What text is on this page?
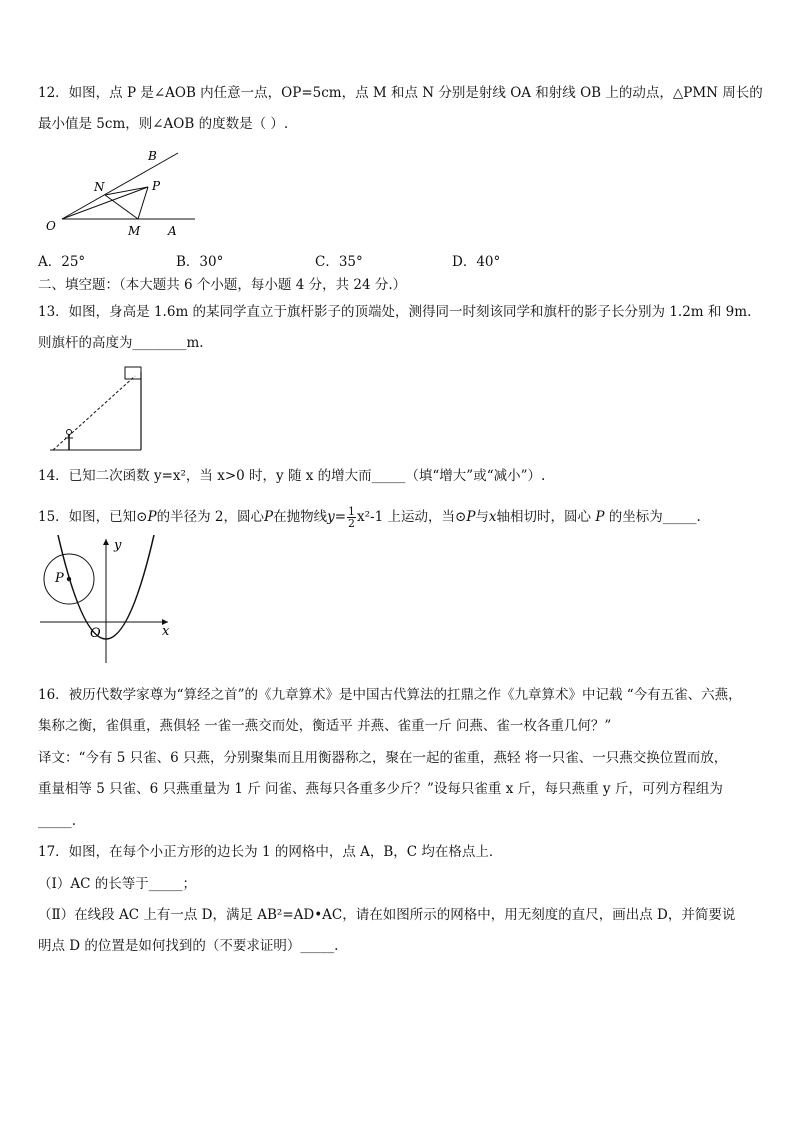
12．如图，点 P 是∠AOB 内任意一点，OP=5cm，点 M 和点 N 分别是射线 OA 和射线 OB 上的动点，△PMN 周长的
最小值是 5cm，则∠AOB 的度数是（ ）.
B
N	P
O	M A
A．25°	B．30°	C．35°	D．40°
二、填空题：（本大题共 6 个小题，每小题 4 分，共 24 分.）
13．如图，身高是 1.6m 的某同学直立于旗杆影子的顶端处，测得同一时刻该同学和旗杆的影子长分别为 1.2m 和 9m.
则旗杆的高度为________m.
14．已知二次函数 y=x²，当 x>0 时，y 随 x 的增大而_____（填“增大”或“减小”）.
15．如图，已知⊙P的半径为 2，圆心P在抛物线$y= \frac{1}{2} x^2-1$ 上运动，当⊙P与x轴相切时，圆心 P 的坐标为_____.
y
P
O	x
16．被历代数学家尊为“算经之首”的《九章算术》是中国古代算法的扛鼎之作《九章算术》中记载 “今有五雀、六燕，
集称之衡，雀俱重，燕俱轻 一雀一燕交而处，衡适平 并燕、雀重一斤 问燕、雀一枚各重几何？”
译文：“今有 5 只雀、6 只燕，分别聚集而且用衡器称之，聚在一起的雀重，燕轻 将一只雀、一只燕交换位置而放，
重量相等 5 只雀、6 只燕重量为 1 斤 问雀、燕每只各重多少斤？”设每只雀重 x 斤，每只燕重 y 斤，可列方程组为
_____.
17．如图，在每个小正方形的边长为 1 的网格中，点 A，B，C 均在格点上．
（Ⅰ）AC 的长等于_____；
（Ⅱ）在线段 AC 上有一点 D，满足 AB²=AD•AC，请在如图所示的网格中，用无刻度的直尺，画出点 D，并简要说
明点 D 的位置是如何找到的（不要求证明）_____.
